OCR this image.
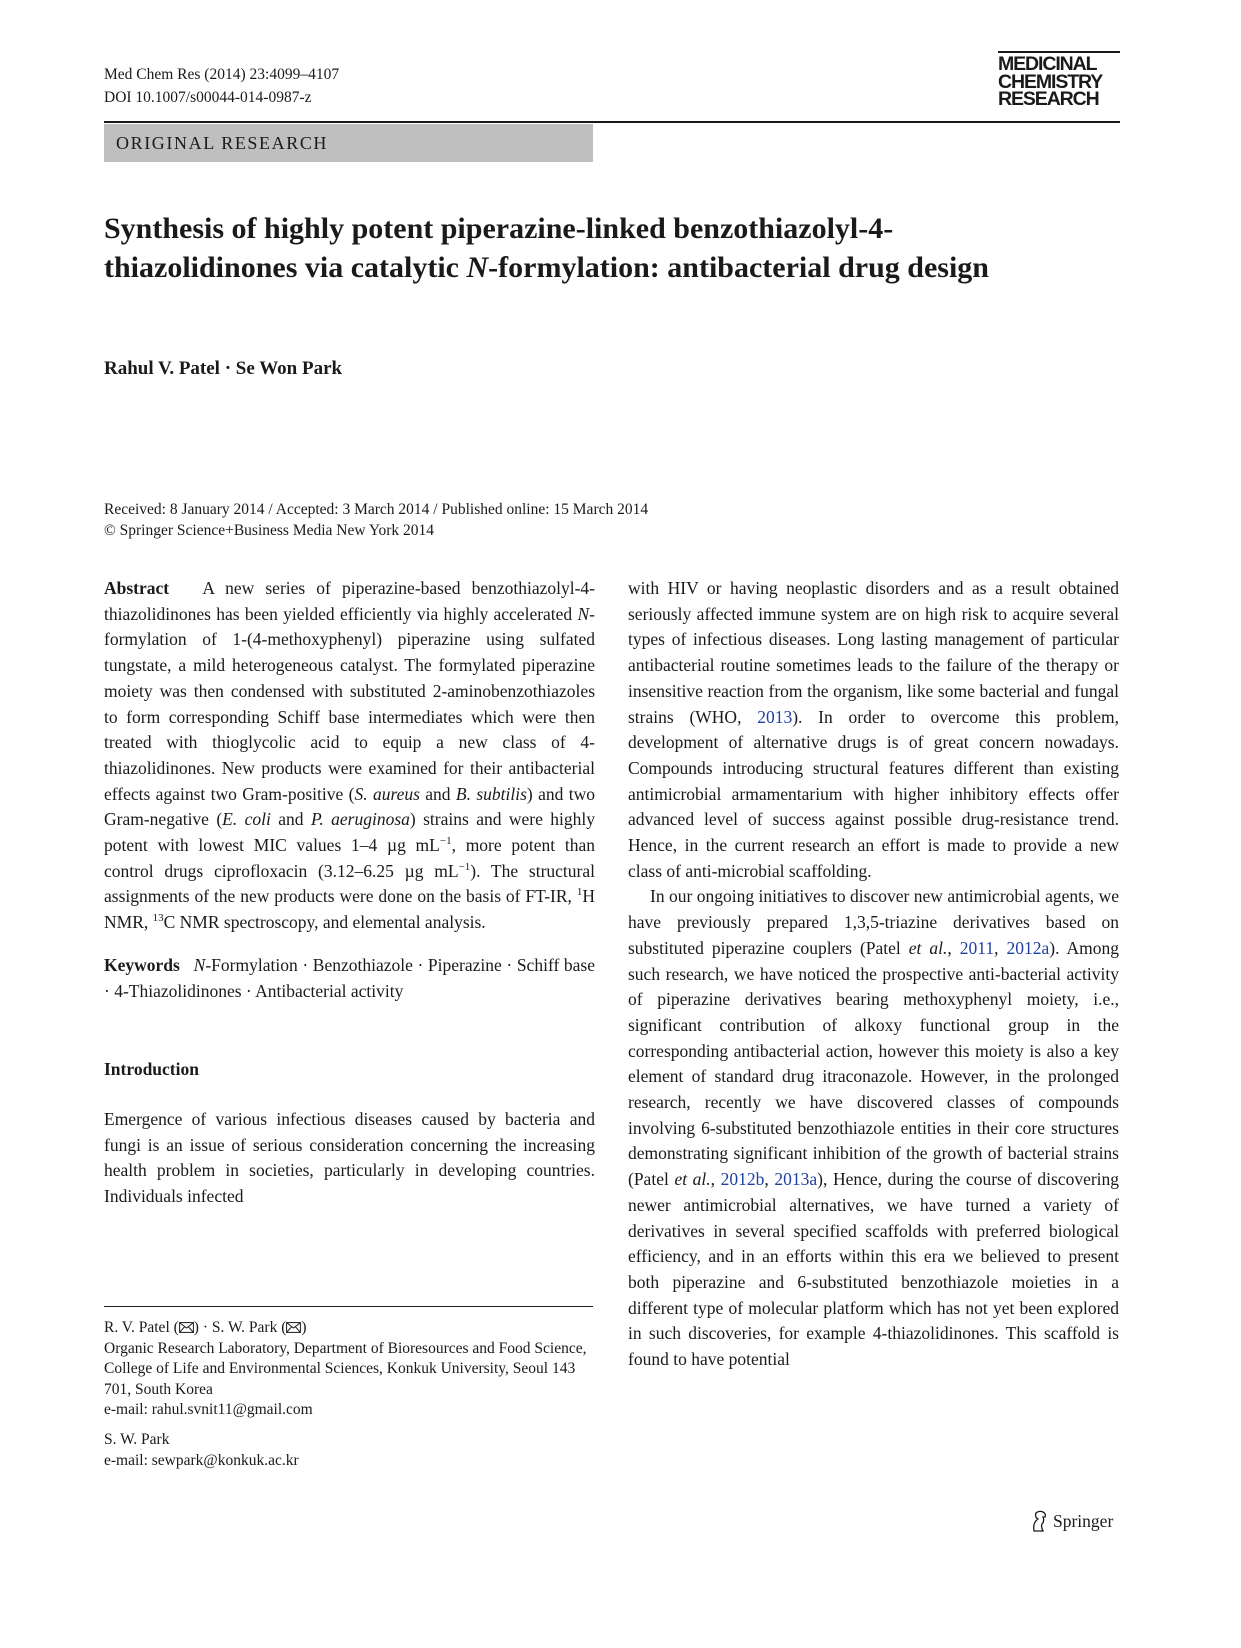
Med Chem Res (2014) 23:4099–4107
DOI 10.1007/s00044-014-0987-z
MEDICINAL
CHEMISTRY
RESEARCH
ORIGINAL RESEARCH
Synthesis of highly potent piperazine-linked benzothiazolyl-4-thiazolidinones via catalytic N-formylation: antibacterial drug design
Rahul V. Patel · Se Won Park
Received: 8 January 2014 / Accepted: 3 March 2014 / Published online: 15 March 2014
© Springer Science+Business Media New York 2014

Abstract A new series of piperazine-based benzothiazolyl-4-thiazolidinones has been yielded efficiently via highly accelerated N-formylation of 1-(4-methoxyphenyl) piperazine using sulfated tungstate, a mild heterogeneous catalyst. The formylated piperazine moiety was then condensed with substituted 2-aminobenzothiazoles to form corresponding Schiff base intermediates which were then treated with thioglycolic acid to equip a new class of 4-thiazolidinones. New products were examined for their antibacterial effects against two Gram-positive (S. aureus and B. subtilis) and two Gram-negative (E. coli and P. aeruginosa) strains and were highly potent with lowest MIC values 1–4 µg $mL^{-1}$, more potent than control drugs ciprofloxacin (3.12–6.25 µg $mL^{-1}$). The structural assignments of the new products were done on the basis of FT-IR, $^1$H NMR, $^{13}$C NMR spectroscopy, and elemental analysis.

Keywords N-Formylation · Benzothiazole · Piperazine · Schiff base · 4-Thiazolidinones · Antibacterial activity

Introduction

Emergence of various infectious diseases caused by bacteria and fungi is an issue of serious consideration concerning the increasing health problem in societies, particularly in developing countries. Individuals infected

with HIV or having neoplastic disorders and as a result obtained seriously affected immune system are on high risk to acquire several types of infectious diseases. Long lasting management of particular antibacterial routine sometimes leads to the failure of the therapy or insensitive reaction from the organism, like some bacterial and fungal strains (WHO, 2013). In order to overcome this problem, development of alternative drugs is of great concern nowadays. Compounds introducing structural features different than existing antimicrobial armamentarium with higher inhibitory effects offer advanced level of success against possible drug-resistance trend. Hence, in the current research an effort is made to provide a new class of anti-microbial scaffolding.

In our ongoing initiatives to discover new antimicrobial agents, we have previously prepared 1,3,5-triazine derivatives based on substituted piperazine couplers (Patel et al., 2011, 2012a). Among such research, we have noticed the prospective anti-bacterial activity of piperazine derivatives bearing methoxyphenyl moiety, i.e., significant contribution of alkoxy functional group in the corresponding antibacterial action, however this moiety is also a key element of standard drug itraconazole. However, in the prolonged research, recently we have discovered classes of compounds involving 6-substituted benzothiazole entities in their core structures demonstrating significant inhibition of the growth of bacterial strains (Patel et al., 2012b, 2013a), Hence, during the course of discovering newer antimicrobial alternatives, we have turned a variety of derivatives in several specified scaffolds with preferred biological efficiency, and in an efforts within this era we believed to present both piperazine and 6-substituted benzothiazole moieties in a different type of molecular platform which has not yet been explored in such discoveries, for example 4-thiazolidinones. This scaffold is found to have potential

R. V. Patel ( ) · S. W. Park ( )

Organic Research Laboratory, Department of Bioresources and Food Science, College of Life and Environmental Sciences, Konkuk University, Seoul 143 701, South Korea

e-mail: rahul.svnit11@gmail.com

S. W. Park

e-mail: sewpark@konkuk.ac.kr

Springer
